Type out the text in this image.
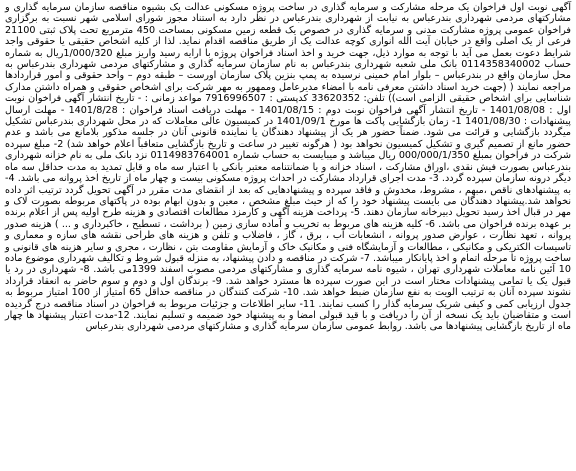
آگهی نوبت اول فراخوان یک مرحله مشارکت و سرمایه گذاری در ساخت پروژه مسکونی عدالت یک بشیوه مناقصه سازمان سرمایه گذاری و مشارکتهای مردمی شهرداری بندرعباس به نیابت از شهرداری بندرعباس در نظر دارد به استناد مجوز شورای اسلامی شهر نسبت به برگزاری فراخوان عمومی پروژه مشارکت مدنی و سرمایه گذاری در خصوص یک قطعه زمین مسکونی بمساحت 450 مترمربع تحت پلاک ثبتی 21100 فرعی از یک اصلی واقع در خیابان آیت الله انواری کوچه عدالت یک از طریق مناقصه اقدام نماید. لذا از کلیه اشخاص حقیقی یا حقوقی واجد شرایط دعوت بعمل می آید با توجه به موارد ذیل، جهت خرید و اخذ اسناد فراخوان پروژه با ارایه رسید واریز مبلغ 1/000/320ریال به شماره حساب 0114358340002 بانک ملی شعبه شهرداری بندرعباس به نام سازمان سرمایه گذاری و مشارکتهای مردمی شهرداری بندرعباس به محل سازمان واقع در بندرعباس – بلوار امام خمینی نرسیده به پمپ بنزین پلاک سازمان اورست – طبقه دوم – واحد حقوقی و امور قراردادها مراجعه نمایند ( (جهت خرید اسناد داشتن معرفی نامه با امضاء مدیرعامل وممهور به مهر شرکت برای اشخاص حقوقی و همراه داشتن مدارک شناسایی برای اشخاص حقیقی الزامی است)) تلفن: 33620352 کدپستی : 7916996507 مواعد زمانی : - تاریخ انتشار آگهی فراخوان نوبت اول : 1401/08/08 - تاریخ انتشار آگهی فراخوان نوبت دوم : 1401/08/15 - مهلت دریافت اسناد فراخوان : 1401/8/28 - مهلت ارسال پیشنهادات : 1401/08/30 1- زمان بازگشایی پاکت ها مورخ 1401/09/1 در کمیسیون عالی معاملات که در محل شهرداری بندرعباس تشکیل میگردد بازگشایی و قرائت می شود. ضمناً حضور هر یک از پیشنهاد دهندگان یا نماینده قانونی آنان در جلسه مذکور بلامانع می باشد و عدم حضور مانع از تصمیم گیری و تشکیل کمیسیون نخواهد بود ( هرگونه تغییر در ساعت و تاریخ بازگشایی متعاقباً اعلام خواهد شد) 2- مبلغ سپرده شرکت در فراخوان بمبلغ 000/000/1/350 ریال میباشد و میبایست به حساب شماره 0114983764001 نزد بانک ملی به نام خزانه شهرداری بندرعباس بصورت فیش نقدی ،اوراق مشارکت ، اسناد خزانه و یا ضمانتنامه معتبر بانکی با اعتبار سه ماه و قابل تمدید به مدت حداقل سه ماه دیگر درونه سازمان سپرده گردد. 3- مدت اجرای قرارداد مشارکت در احداث پروژه مسکونی بیست و چهار ماه از تاریخ اخذ پروانه می باشد. 4- به پیشنهادهای ناقص ،مبهم ، مشروط، مخدوش و فاقد سپرده و پیشنهادهایی که بعد از انقضای مدت مقرر در آگهی تحویل گردد ترتیب اثر داده نخواهد شد.پیشنهاد دهندگان می بایست پیشنهاد خود را که از حیث مبلغ مشخص ، معین و بدون ابهام بوده در پاکتهای مربوطه بصورت لاک و مهر در قبال اخذ رسید تحویل دبیرخانه سازمان دهند. 5- پرداخت هزینه آگهی و کارمزد مطالعات اقتصادی و هزینه طرح اولیه پس از اعلام برنده بر عهده برنده فراخوان می باشد. 6- کلیه هزینه های مربوط به تخریب و آماده سازی زمین ( برداشت ، تسطیح ، خاکبرداری و ... ) هزینه صدور پروانه ، تعهد نظارت ، عوارض صدور پروانه ، انشعابات آب ، برق ، گاز ، فاضلاب و تلفن و هزینه های طراحی نقشه های سازه و معماری و تاسیسات الکتریکی و مکانیکی ، مطالعات و آزمایشگاه فنی و مکانیک خاک و آزمایش مقاومت بتن ، نظارت ، مجری و سایر هزینه های قانونی و ساخت پروژه تا مرحله اتمام و اخذ پایانکار میباشد. 7- شرکت در مناقصه و دادن پیشنهاد، به منزله قبول شروط و تکالیف شهرداری موضوع ماده 10 آئین نامه معاملات شهرداری تهران ، شیوه نامه سرمایه گذاری و مشارکتهای مردمی مصوب اسفند 1399می باشد. 8- شهرداری در رد یا قبول یک یا تمامی پیشنهادات مختار است در این صورت سپرده ها مسترد خواهد شد. 9- برندگان اول و دوم و سوم حاضر به انعقاد قرارداد نشوند سپرده آنان به ترتیب الویت به نفع سازمان ضبط خواهد شد. 10- شرکت کنندگان در مناقصه حداقل 65 امتیاز از 100 امتیاز مربوط به جدول ارزیابی کمی و کیفی شریک سرمایه گذار را کسب نمایند. 11- سایر اطلاعات و جزئیات مربوط به فراخوان در اسناد مناقصه درج گردیده است و متقاضیان باید یک نسخه از آن را دریافت و با قید قبولی امضا و به پیشنهاد خود ضمیمه و تسلیم نمایند. 12-مدت اعتبار پیشنهاد ها چهار ماه از تاریخ بازگشایی پیشنهادها می باشد. روابط عمومی سازمان سرمایه گذاری و مشارکتهای مردمی شهرداری بندرعباس
